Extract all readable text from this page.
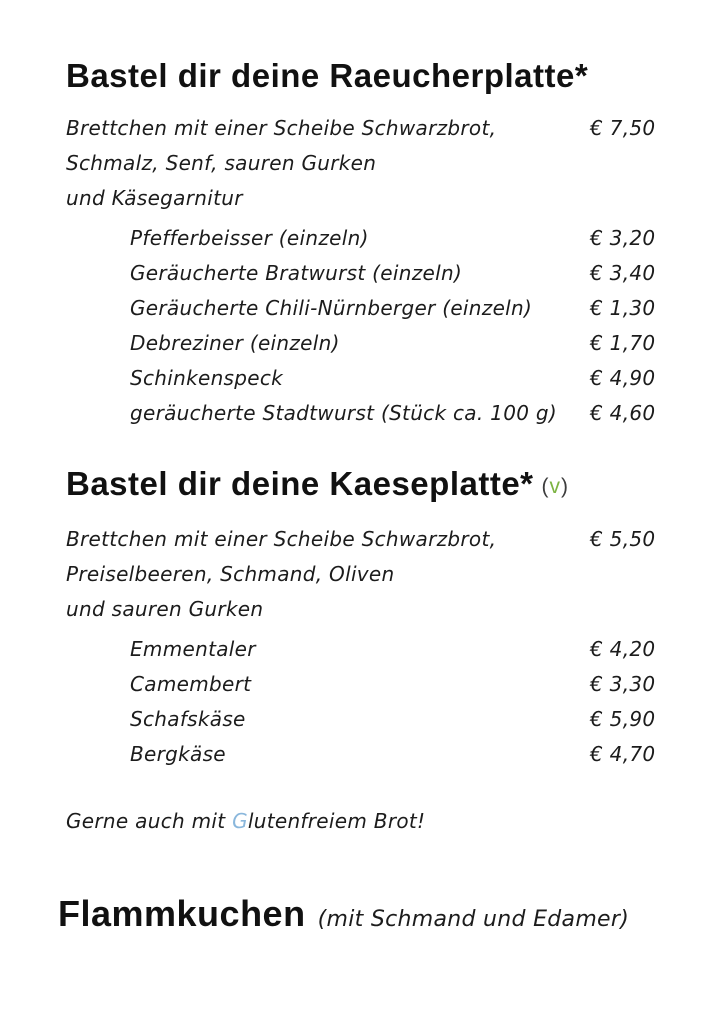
Bastel dir deine Raeucherplatte*
Brettchen mit einer Scheibe Schwarzbrot,	€ 7,50
Schmalz, Senf, sauren Gurken
und Käsegarnitur
Pfefferbeisser (einzeln)	€ 3,20
Geräucherte Bratwurst (einzeln)	€ 3,40
Geräucherte Chili-Nürnberger (einzeln)	€ 1,30
Debreziner (einzeln)	€ 1,70
Schinkenspeck	€ 4,90
geräucherte Stadtwurst (Stück ca. 100 g) € 4,60
Bastel dir deine Kaeseplatte* (v)
Brettchen mit einer Scheibe Schwarzbrot,	€ 5,50
Preiselbeeren, Schmand, Oliven
und sauren Gurken
Emmentaler	€ 4,20
Camembert	€ 3,30
Schafskäse	€ 5,90
Bergkäse	€ 4,70

Gerne auch mit Glutenfreiem Brot!

Flammkuchen (mit Schmand und Edamer)
